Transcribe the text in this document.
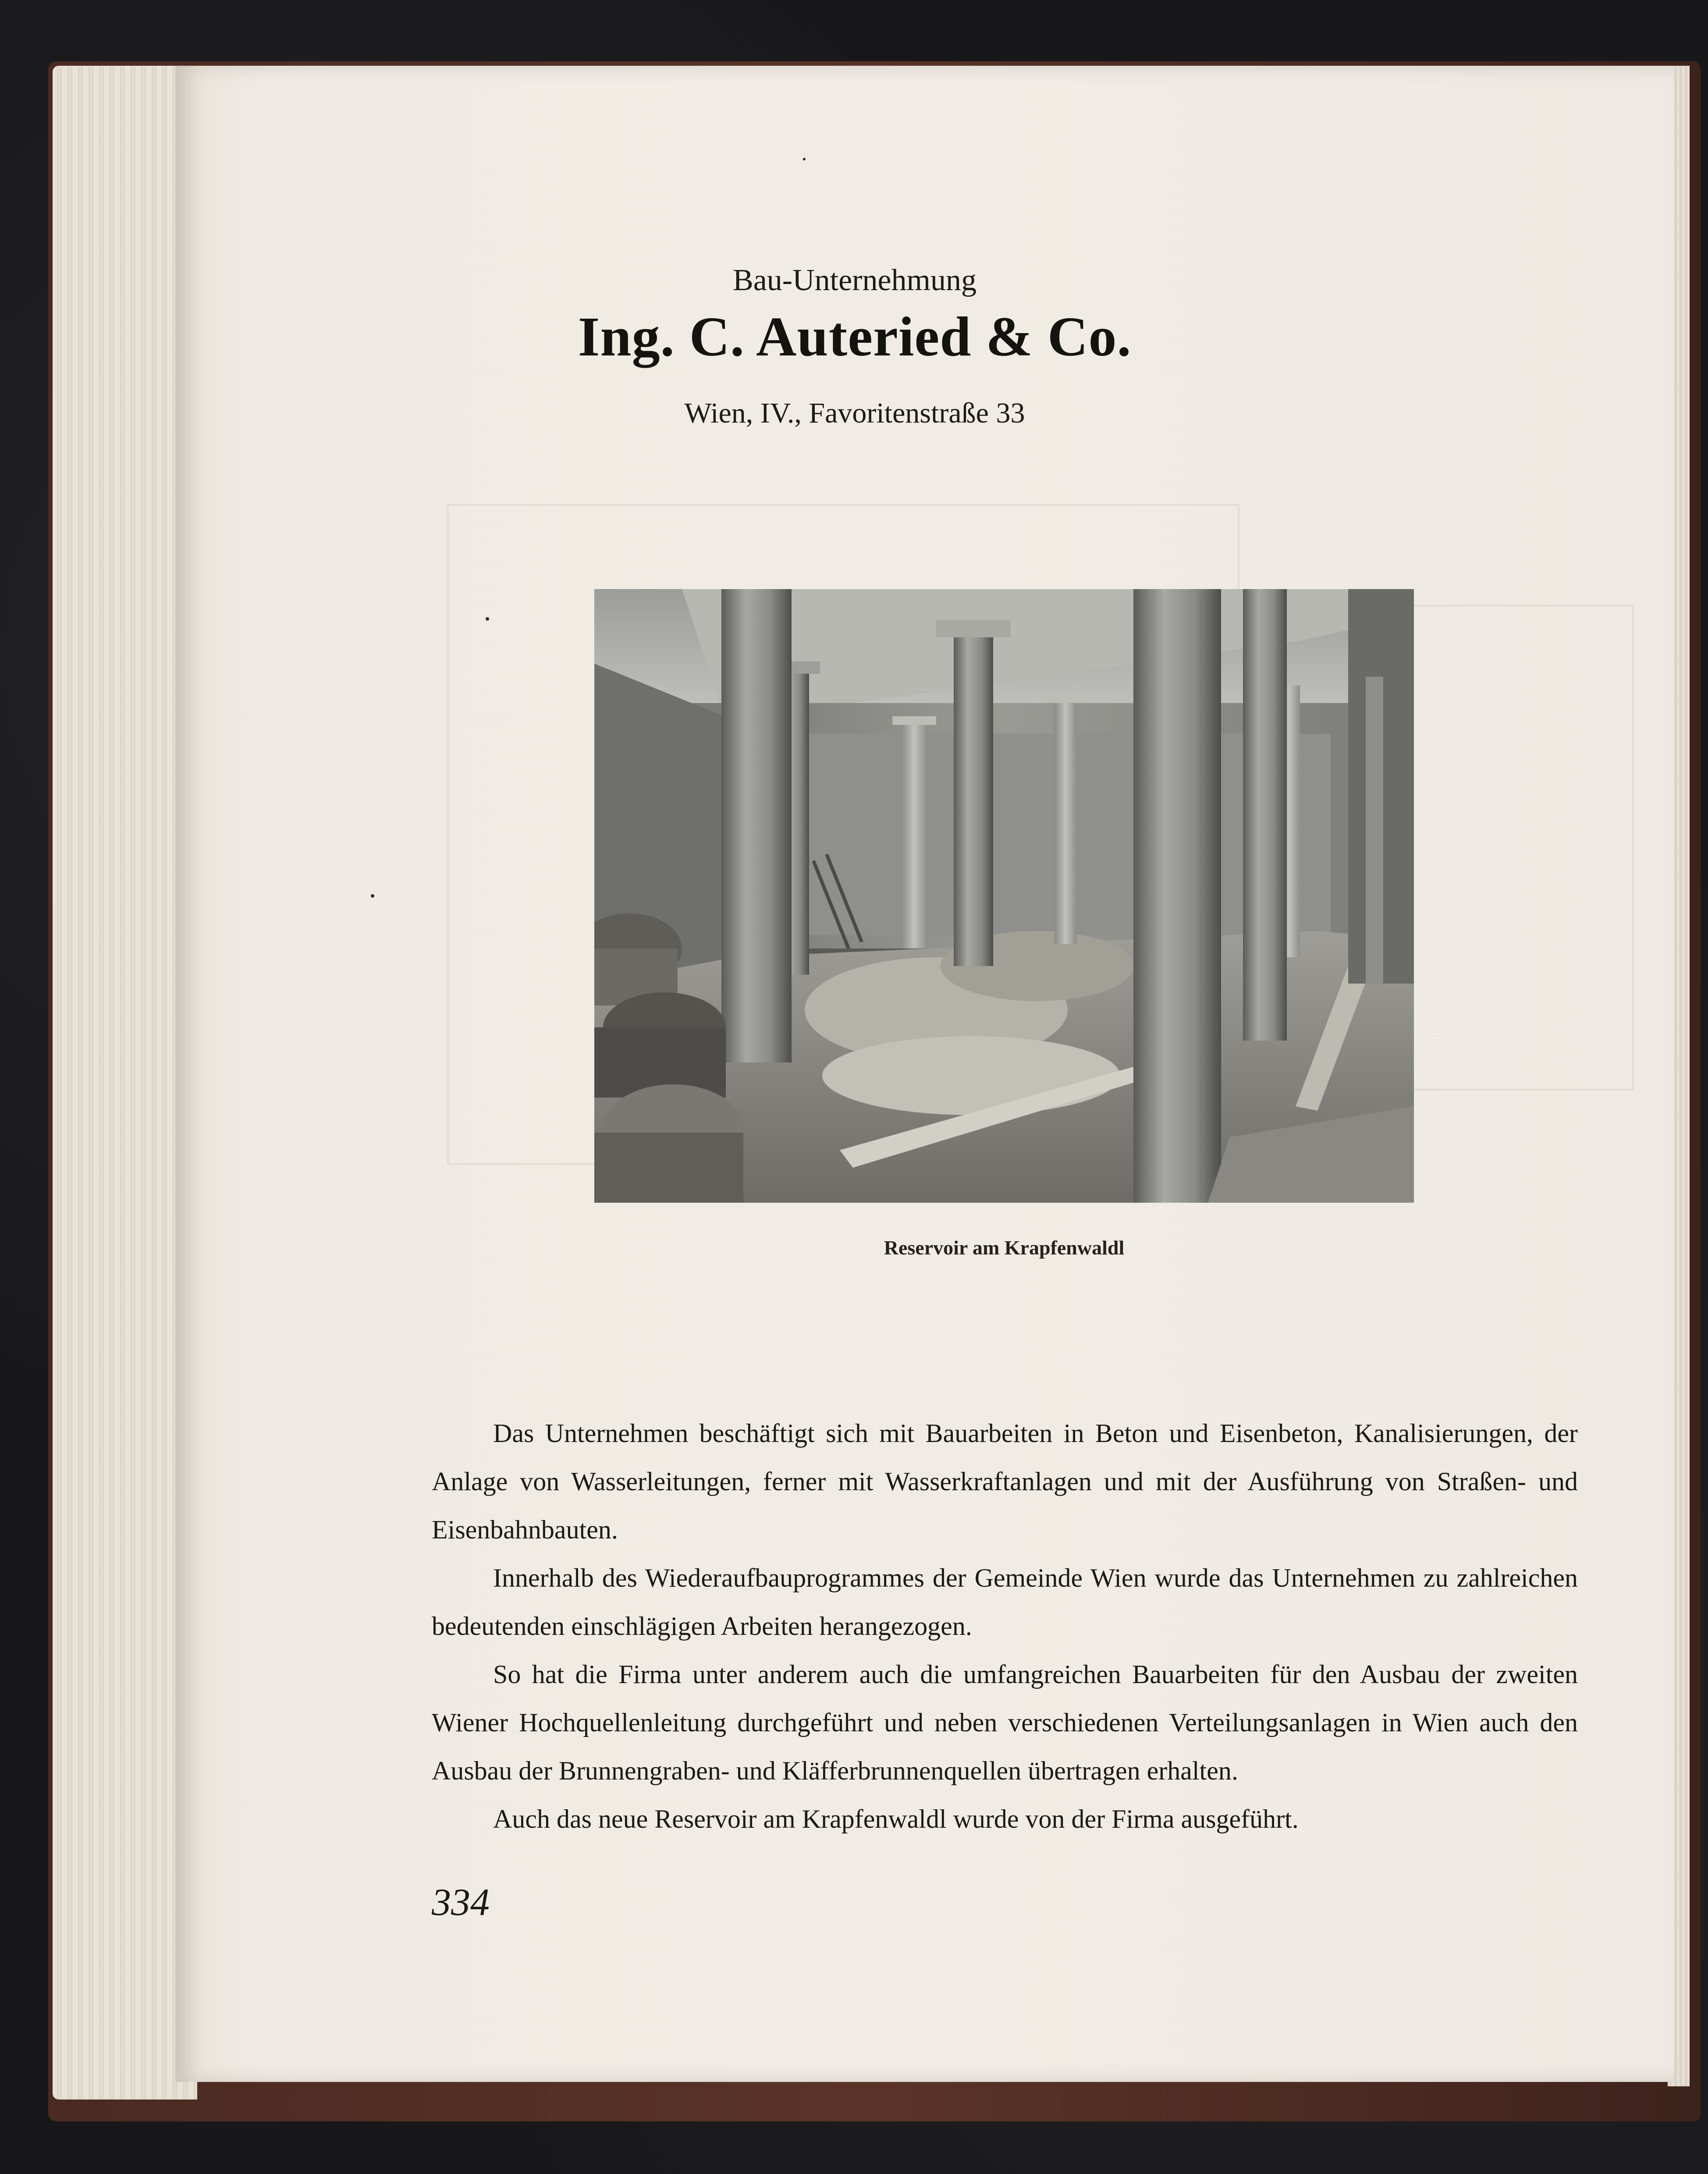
Bau-Unternehmung
Ing. C. Auteried & Co.
Wien, IV., Favoritenstraße 33
Reservoir am Krapfenwaldl

Das Unternehmen beschäftigt sich mit Bauarbeiten in Beton und Eisenbeton, Kanalisierungen, der Anlage von Wasserleitungen, ferner mit Wasserkraftanlagen und mit der Ausführung von Straßen- und Eisenbahnbauten.

Innerhalb des Wiederaufbauprogrammes der Gemeinde Wien wurde das Unternehmen zu zahlreichen bedeutenden einschlägigen Arbeiten herangezogen.

So hat die Firma unter anderem auch die umfangreichen Bauarbeiten für den Ausbau der zweiten Wiener Hochquellenleitung durchgeführt und neben verschiedenen Verteilungsanlagen in Wien auch den Ausbau der Brunnengraben- und Kläfferbrunnenquellen übertragen erhalten.

Auch das neue Reservoir am Krapfenwaldl wurde von der Firma ausgeführt.

334
